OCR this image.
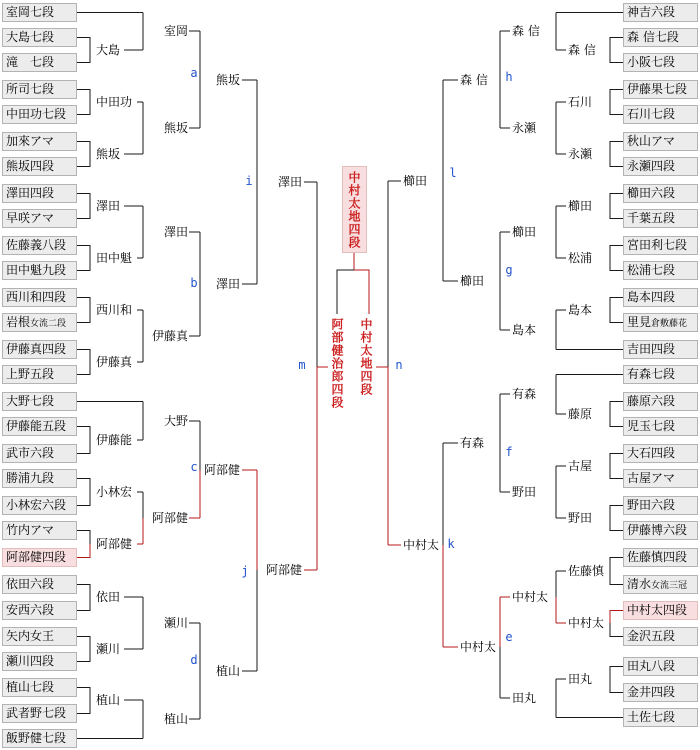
中村太地四段
阿部健治郎四段 中村太地四段
室岡七段
大島七段
滝　七段
所司七段
中田功七段
加來アマ
熊坂四段
澤田四段
早咲アマ
佐藤義八段
田中魁九段
西川和四段
岩根女流二段
伊藤真四段
上野五段
大野七段
伊藤能五段
武市六段
勝浦九段
小林宏六段
竹内アマ
阿部健四段
依田六段
安西六段
矢内女王
瀬川四段
植山七段
武者野七段
飯野健七段
神吉六段
森 信七段
小阪七段
伊藤果七段
石川七段
秋山アマ
永瀬四段
櫛田六段
千葉五段
宮田利七段
松浦七段
島本四段
里見倉敷藤花
吉田四段
有森七段
藤原六段
児玉七段
大石四段
古屋アマ
野田六段
伊藤博六段
佐藤慎四段
清水女流三冠
中村太四段
金沢五段
田丸八段
金井四段
土佐七段
大島
中田功
熊坂
澤田
田中魁
西川和
伊藤真
伊藤能
小林宏
阿部健
依田
瀬川
植山
室岡
熊坂
澤田
伊藤真
大野
阿部健
瀬川
植山
熊坂
澤田
阿部健
植山
澤田
阿部健
森 信
石川
永瀬
櫛田
松浦
島本
藤原
古屋
野田
佐藤慎
中村太
田丸
森 信
永瀬
櫛田
島本
有森
野田
中村太
田丸
森 信
櫛田
有森
中村太
櫛田
中村太
a
b
c
d
i
j
m	n
h
g
f
e
l
k
